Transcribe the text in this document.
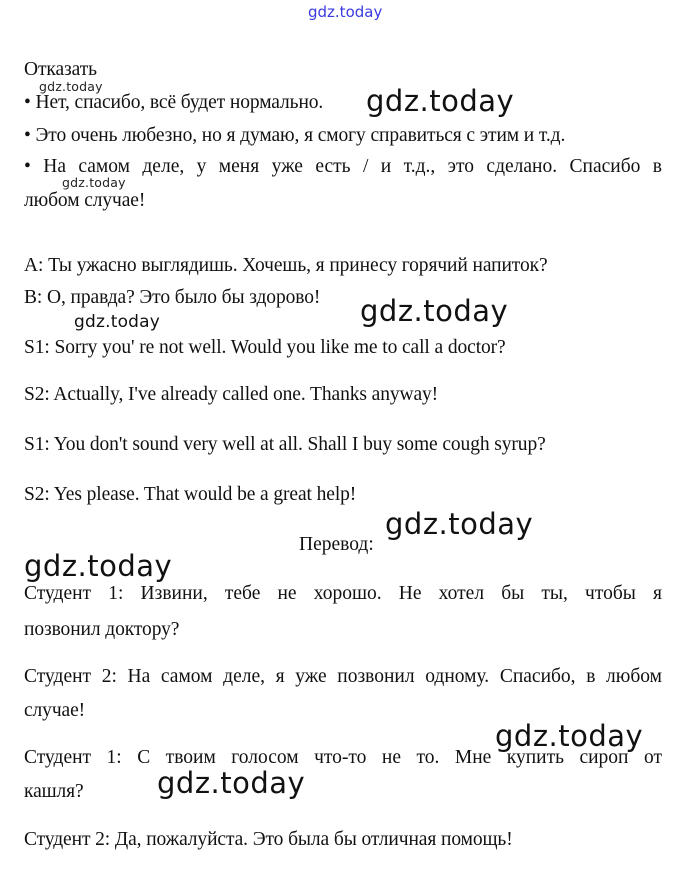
gdz.today
gdz.today	gdz.today
gdz.today
gdz.today
gdz.today
gdz.today
gdz.today
gdz.today
gdz.today
Отказать
• Нет, спасибо, всё будет нормально.
• Это очень любезно, но я думаю, я смогу справиться с этим и т.д.
• На самом деле, у меня уже есть / и т.д., это сделано. Спасибо в
любом случае!
А: Ты ужасно выглядишь. Хочешь, я принесу горячий напиток?
В: О, правда? Это было бы здорово!
S1: Sorry you' re not well. Would you like me to call a doctor?
S2: Actually, I've already called one. Thanks anyway!
S1: You don't sound very well at all. Shall I buy some cough syrup?
S2: Yes please. That would be a great help!
Перевод:
Студент 1: Извини, тебе не хорошо. Не хотел бы ты, чтобы я
позвонил доктору?
Студент 2: На самом деле, я уже позвонил одному. Спасибо, в любом
случае!
Студент 1: С твоим голосом что-то не то. Мне купить сироп от
кашля?
Студент 2: Да, пожалуйста. Это была бы отличная помощь!
